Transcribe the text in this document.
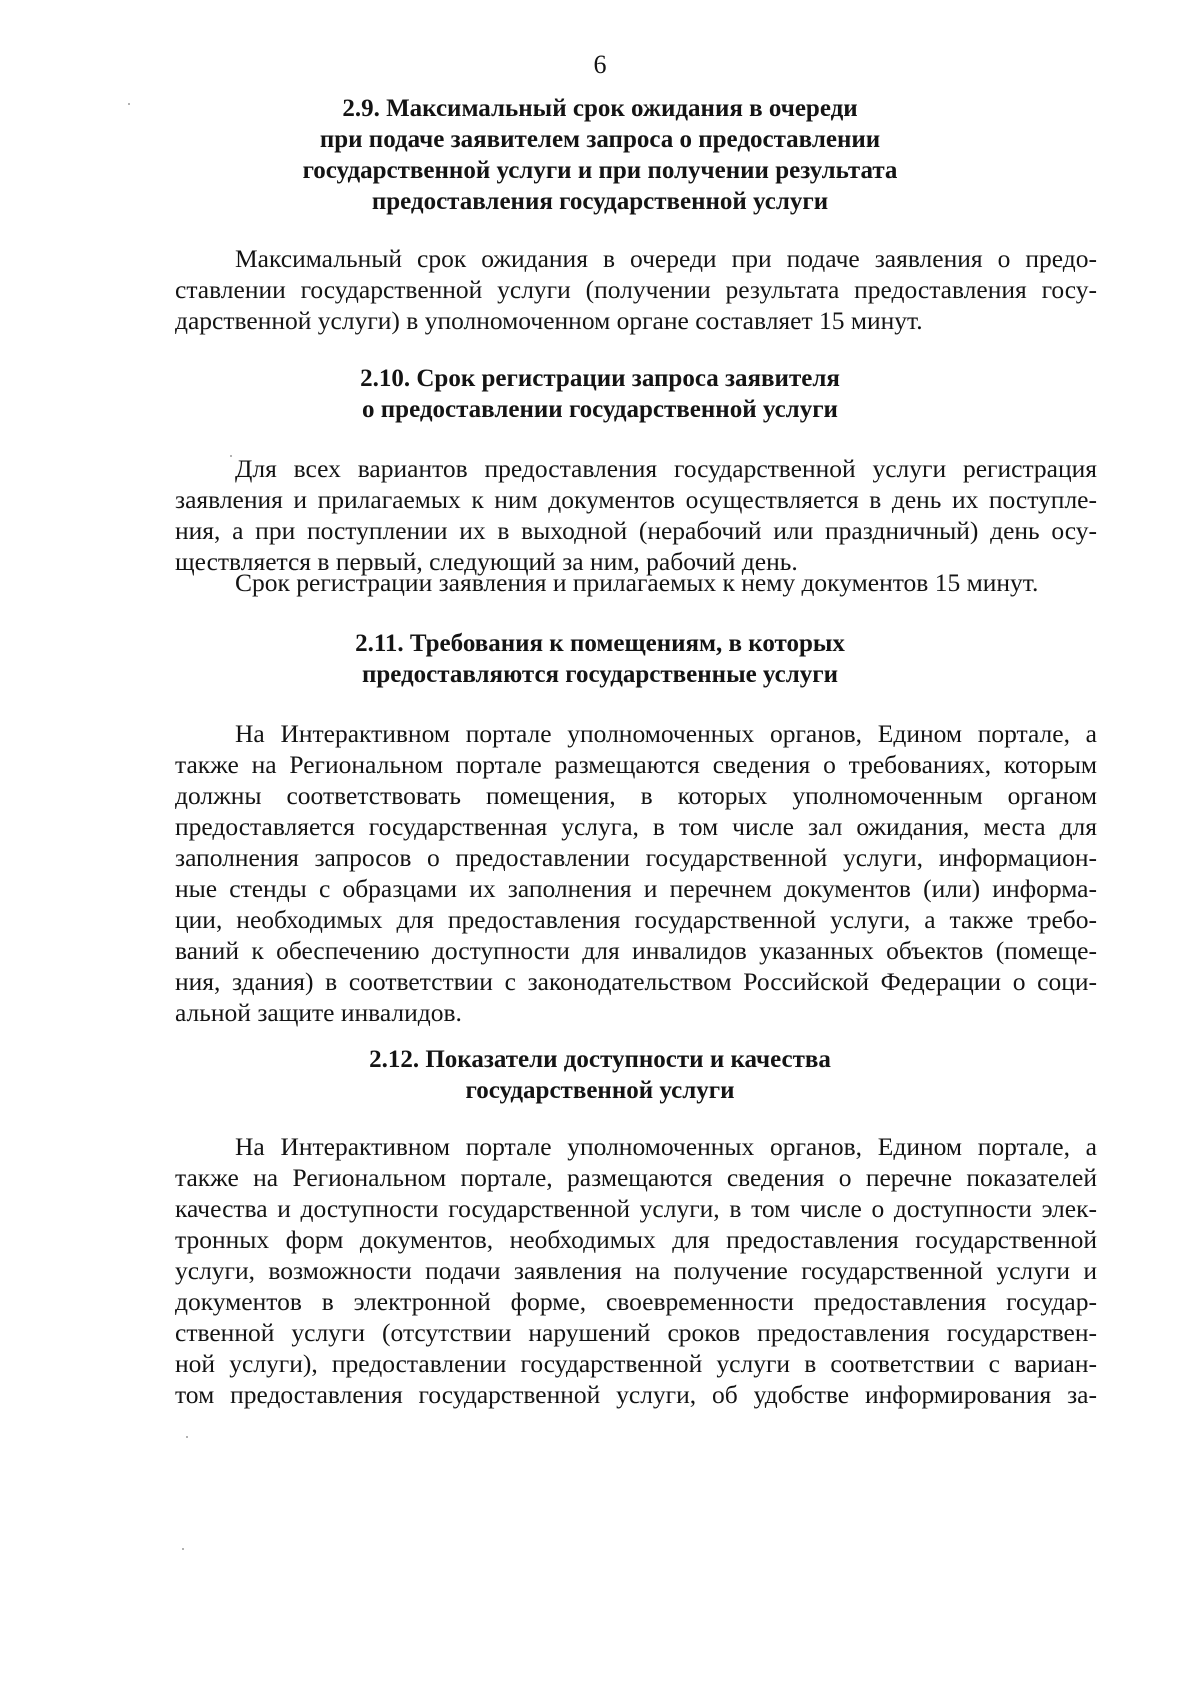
6
2.9. Максимальный срок ожидания в очереди
при подаче заявителем запроса о предоставлении
государственной услуги и при получении результата
предоставления государственной услуги
Максимальный срок ожидания в очереди при подаче заявления о предо-
ставлении государственной услуги (получении результата предоставления госу-
дарственной услуги) в уполномоченном органе составляет 15 минут.
2.10. Срок регистрации запроса заявителя
о предоставлении государственной услуги
Для всех вариантов предоставления государственной услуги регистрация
заявления и прилагаемых к ним документов осуществляется в день их поступле-
ния, а при поступлении их в выходной (нерабочий или праздничный) день осу-
ществляется в первый, следующий за ним, рабочий день.
Срок регистрации заявления и прилагаемых к нему документов 15 минут.
2.11. Требования к помещениям, в которых
предоставляются государственные услуги
На Интерактивном портале уполномоченных органов, Едином портале, а
также на Региональном портале размещаются сведения о требованиях, которым
должны соответствовать помещения, в которых уполномоченным органом
предоставляется государственная услуга, в том числе зал ожидания, места для
заполнения запросов о предоставлении государственной услуги, информацион-
ные стенды с образцами их заполнения и перечнем документов (или) информа-
ции, необходимых для предоставления государственной услуги, а также требо-
ваний к обеспечению доступности для инвалидов указанных объектов (помеще-
ния, здания) в соответствии с законодательством Российской Федерации о соци-
альной защите инвалидов.
2.12. Показатели доступности и качества
государственной услуги
На Интерактивном портале уполномоченных органов, Едином портале, а
также на Региональном портале, размещаются сведения о перечне показателей
качества и доступности государственной услуги, в том числе о доступности элек-
тронных форм документов, необходимых для предоставления государственной
услуги, возможности подачи заявления на получение государственной услуги и
документов в электронной форме, своевременности предоставления государ-
ственной услуги (отсутствии нарушений сроков предоставления государствен-
ной услуги), предоставлении государственной услуги в соответствии с вариан-
том предоставления государственной услуги, об удобстве информирования за-
